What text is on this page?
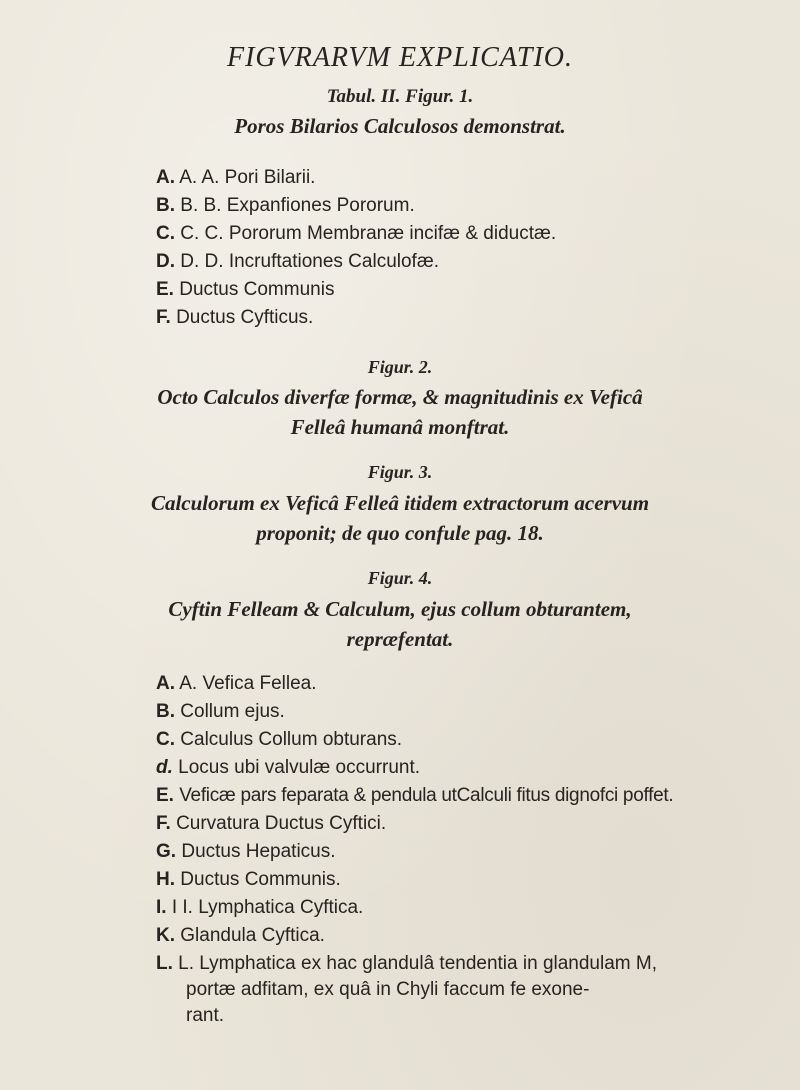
FIGVRARVM EXPLICATIO.
Tabul. II. Figur. 1.
Poros Bilarios Calculosos demonstrat.
A. A. A. Pori Bilarii.
B. B. B. Expanfiones Pororum.
C. C. C. Pororum Membranæ incifæ & diductæ.
D. D. D. Incruftationes Calculofæ.
E. Ductus Communis
F. Ductus Cyfticus.
Figur. 2.
Octo Calculos diverfæ formæ, & magnitudinis ex Veficâ
Felleâ humanâ monftrat.
Figur. 3.
Calculorum ex Veficâ Felleâ itidem extractorum acervum
proponit; de quo confule pag. 18.
Figur. 4.
Cyftin Felleam & Calculum, ejus collum obturantem,
repræfentat.
A. A. Vefica Fellea.
B. Collum ejus.
C. Calculus Collum obturans.
d. Locus ubi valvulæ occurrunt.
E. Veficæ pars feparata & pendula utCalculi fitus dignofci poffet.
F. Curvatura Ductus Cyftici.
G. Ductus Hepaticus.
H. Ductus Communis.
I. I I. Lymphatica Cyftica.
K. Glandula Cyftica.
L. L. Lymphatica ex hac glandulâ tendentia in glandulam M,
portæ adfitam, ex quâ in Chyli faccum fe exone-
rant.
